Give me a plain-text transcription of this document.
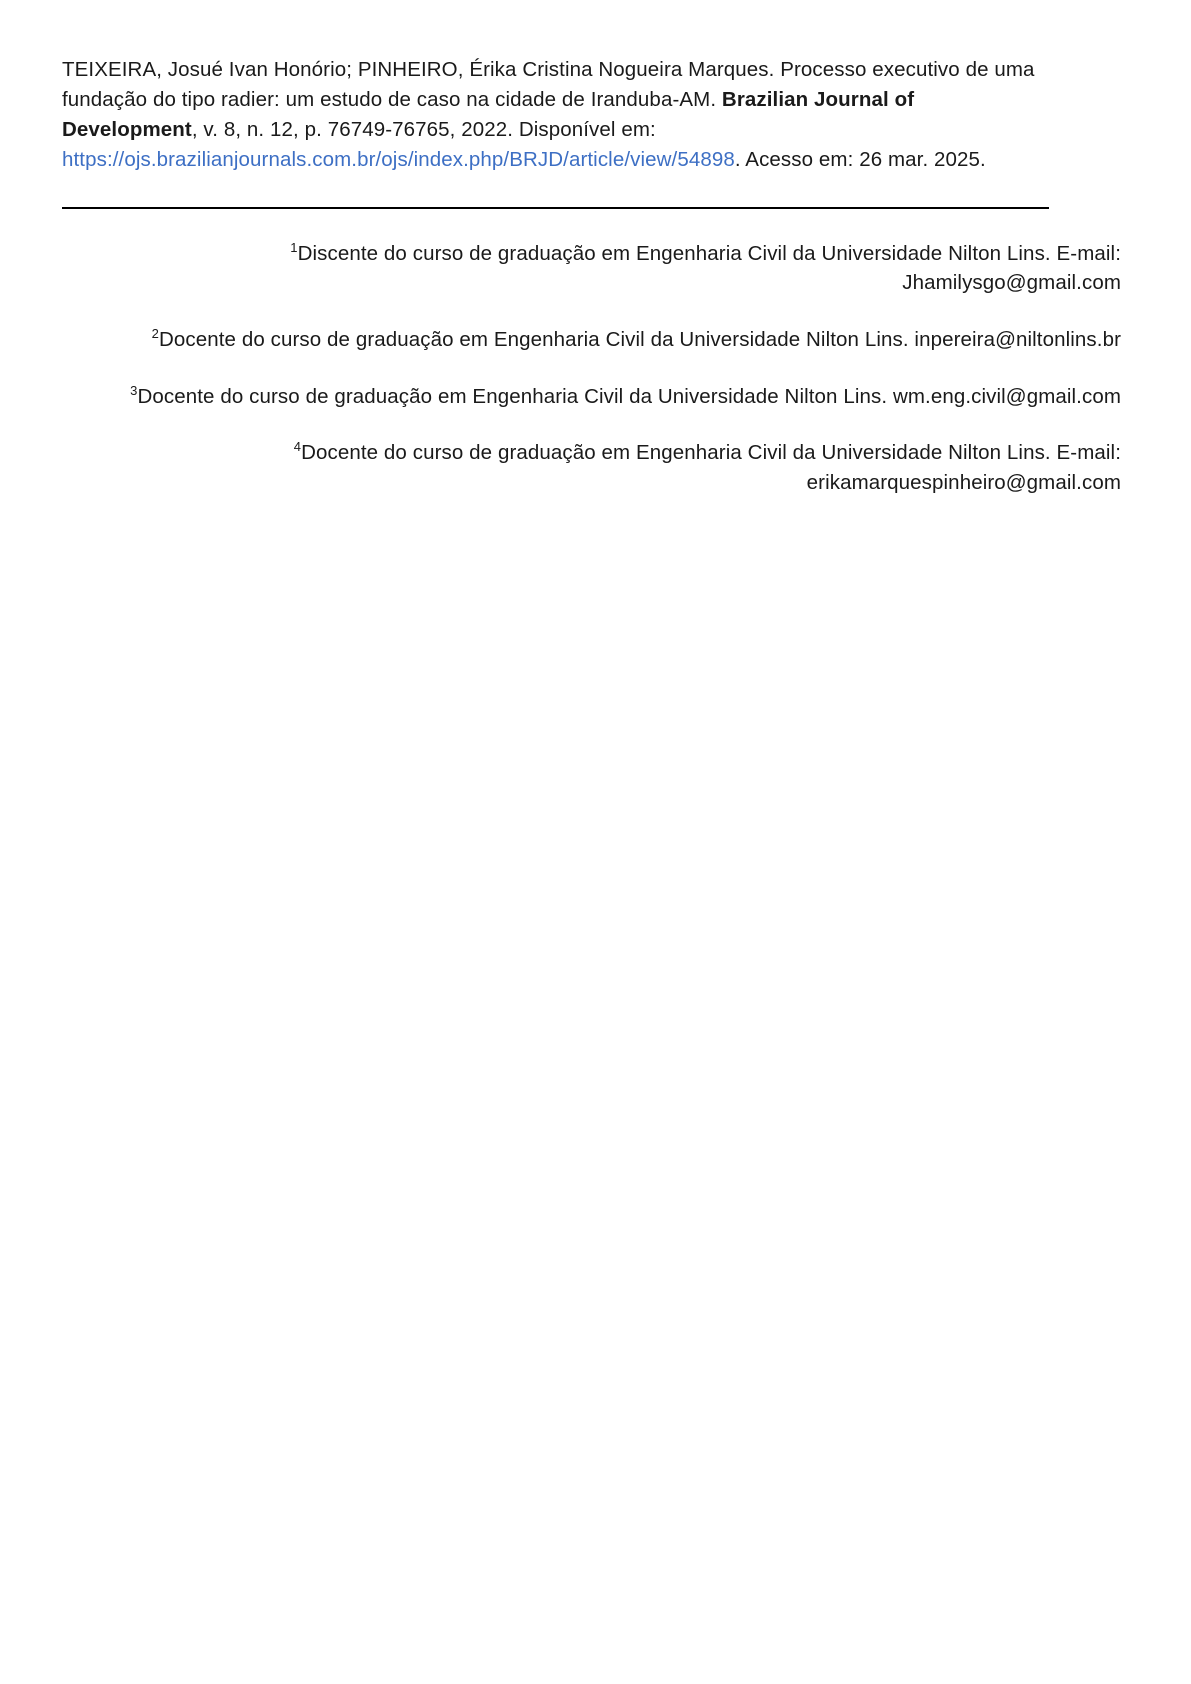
TEIXEIRA, Josué Ivan Honório; PINHEIRO, Érika Cristina Nogueira Marques. Processo executivo de uma fundação do tipo radier: um estudo de caso na cidade de Iranduba-AM. Brazilian Journal of Development, v. 8, n. 12, p. 76749-76765, 2022. Disponível em: https://ojs.brazilianjournals.com.br/ojs/index.php/BRJD/article/view/54898. Acesso em: 26 mar. 2025.

$^1$Discente do curso de graduação em Engenharia Civil da Universidade Nilton Lins. E-mail: Jhamilysgo@gmail.com

$^2$Docente do curso de graduação em Engenharia Civil da Universidade Nilton Lins. inpereira@niltonlins.br

$^3$Docente do curso de graduação em Engenharia Civil da Universidade Nilton Lins. wm.eng.civil@gmail.com

$^4$Docente do curso de graduação em Engenharia Civil da Universidade Nilton Lins. E-mail: erikamarquespinheiro@gmail.com
